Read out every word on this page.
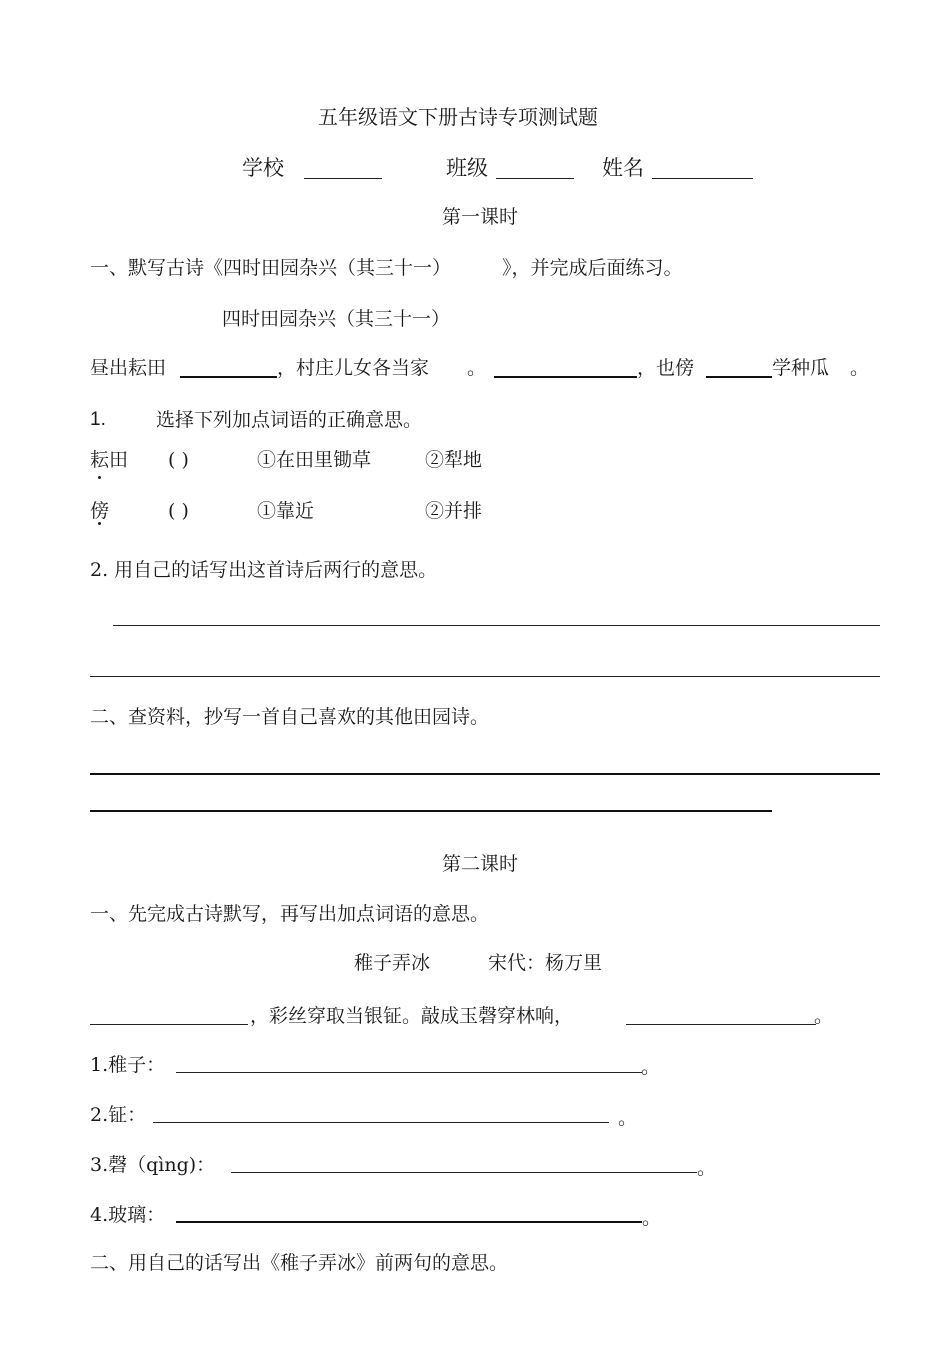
五年级语文下册古诗专项测试题
学校	班级	姓名
第一课时
一、默写古诗《四时田园杂兴（其三十一）	》，并完成后面练习。
四时田园杂兴（其三十一）
昼出耘田	，村庄儿女各当家 。	，也傍	学种瓜 。
1.	选择下列加点词语的正确意思。
耘田 ( )	①在田里锄草	②犁地
傍	( )	①靠近	②并排
2. 用自己的话写出这首诗后两行的意思。
二、查资料，抄写一首自己喜欢的其他田园诗。
第二课时
一、先完成古诗默写，再写出加点词语的意思。
稚子弄冰	宋代：杨万里
，彩丝穿取当银钲。敲成玉磬穿林响，	。
1.稚子：	。
2.钲：	。
3.磬（qìng)：	。
4.玻璃：	。
二、用自己的话写出《稚子弄冰》前两句的意思。
